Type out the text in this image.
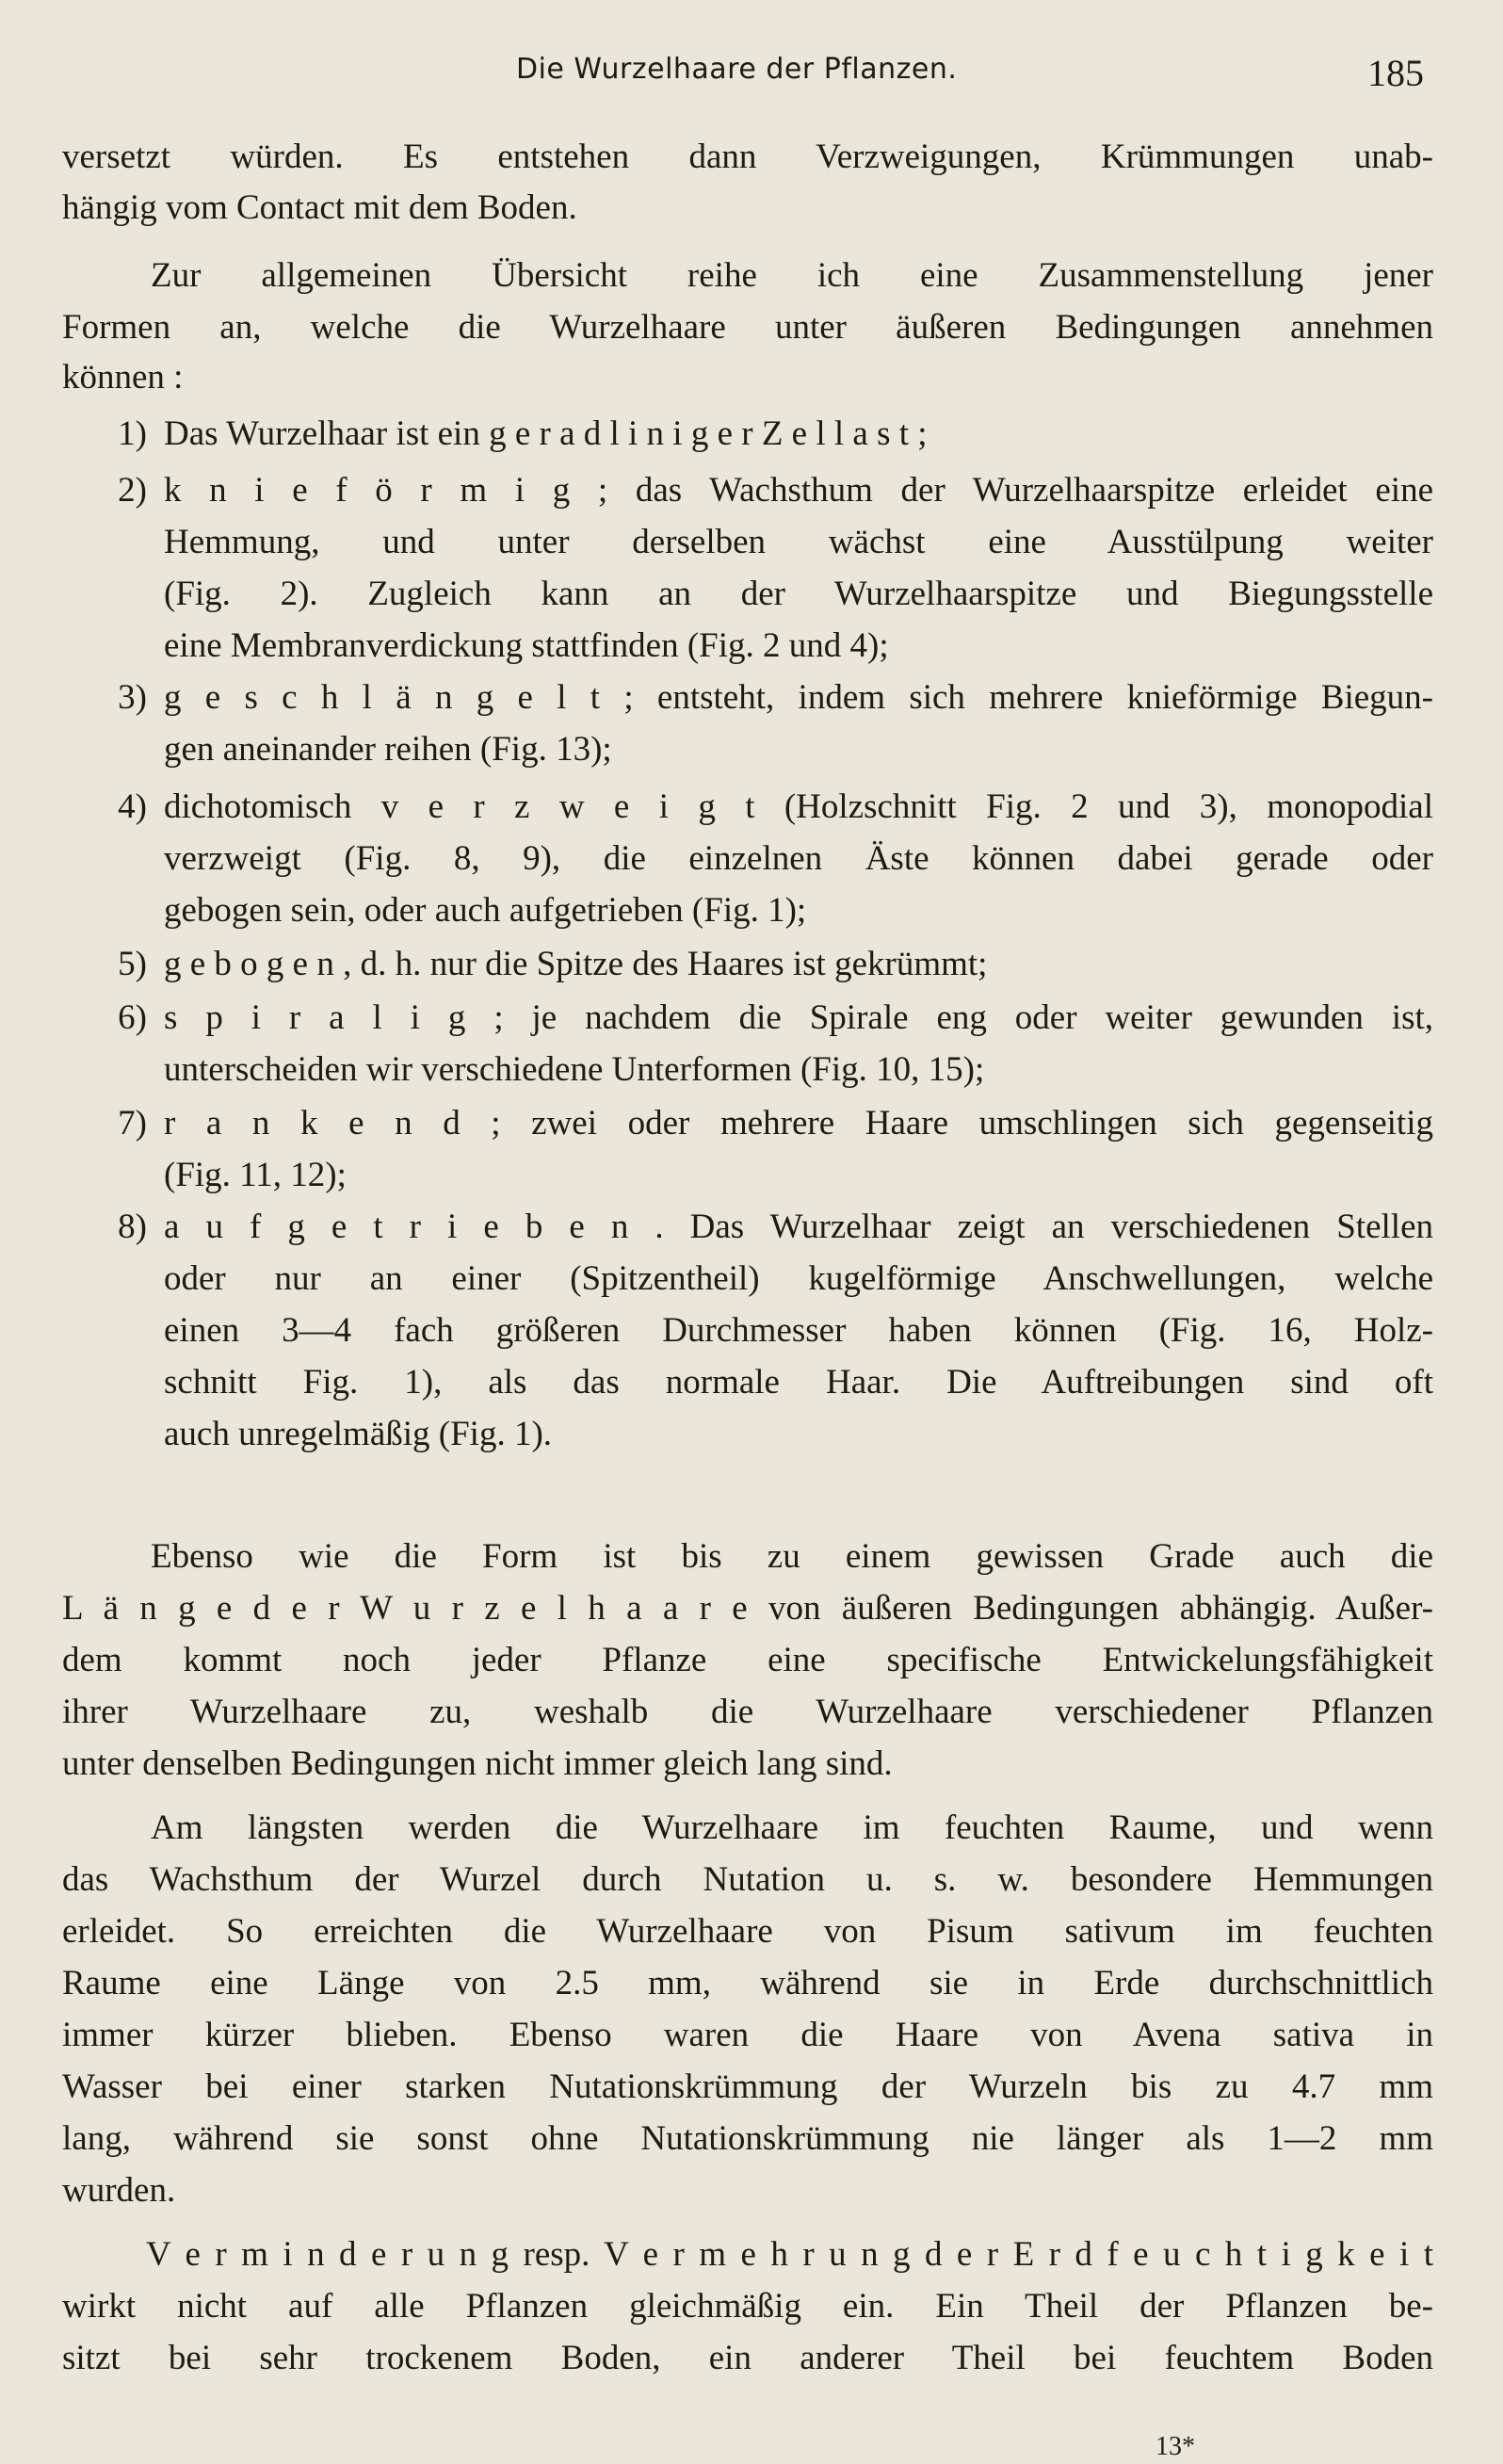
Die Wurzelhaare der Pflanzen.	185
versetzt würden. Es entstehen dann Verzweigungen, Krümmungen unab-
hängig vom Contact mit dem Boden.
Zur allgemeinen Übersicht reihe ich eine Zusammenstellung jener
Formen an, welche die Wurzelhaare unter äußeren Bedingungen annehmen
können :
1) Das Wurzelhaar ist ein g e r a d l i n i g e r Z e l l a s t ;
2) k n i e f ö r m i g ; das Wachsthum der Wurzelhaarspitze erleidet eine
Hemmung, und unter derselben wächst eine Ausstülpung weiter
(Fig. 2). Zugleich kann an der Wurzelhaarspitze und Biegungsstelle
eine Membranverdickung stattfinden (Fig. 2 und 4);
3) g e s c h l ä n g e l t ; entsteht, indem sich mehrere knieförmige Biegun-
gen aneinander reihen (Fig. 13);
4) dichotomisch v e r z w e i g t (Holzschnitt Fig. 2 und 3), monopodial
verzweigt (Fig. 8, 9), die einzelnen Äste können dabei gerade oder
gebogen sein, oder auch aufgetrieben (Fig. 1);
5) g e b o g e n , d. h. nur die Spitze des Haares ist gekrümmt;
6) s p i r a l i g ; je nachdem die Spirale eng oder weiter gewunden ist,
unterscheiden wir verschiedene Unterformen (Fig. 10, 15);
7) r a n k e n d ; zwei oder mehrere Haare umschlingen sich gegenseitig
(Fig. 11, 12);
8) a u f g e t r i e b e n . Das Wurzelhaar zeigt an verschiedenen Stellen
oder nur an einer (Spitzentheil) kugelförmige Anschwellungen, welche
einen 3—4 fach größeren Durchmesser haben können (Fig. 16, Holz-
schnitt Fig. 1), als das normale Haar. Die Auftreibungen sind oft
auch unregelmäßig (Fig. 1).
Ebenso wie die Form ist bis zu einem gewissen Grade auch die
L ä n g e d e r W u r z e l h a a r e von äußeren Bedingungen abhängig. Außer-
dem kommt noch jeder Pflanze eine specifische Entwickelungsfähigkeit
ihrer Wurzelhaare zu, weshalb die Wurzelhaare verschiedener Pflanzen
unter denselben Bedingungen nicht immer gleich lang sind.
Am längsten werden die Wurzelhaare im feuchten Raume, und wenn
das Wachsthum der Wurzel durch Nutation u. s. w. besondere Hemmungen
erleidet. So erreichten die Wurzelhaare von Pisum sativum im feuchten
Raume eine Länge von 2.5 mm, während sie in Erde durchschnittlich
immer kürzer blieben. Ebenso waren die Haare von Avena sativa in
Wasser bei einer starken Nutationskrümmung der Wurzeln bis zu 4.7 mm
lang, während sie sonst ohne Nutationskrümmung nie länger als 1—2 mm
wurden.
V e r m i n d e r u n g resp. V e r m e h r u n g d e r E r d f e u c h t i g k e i t
wirkt nicht auf alle Pflanzen gleichmäßig ein. Ein Theil der Pflanzen be-
sitzt bei sehr trockenem Boden, ein anderer Theil bei feuchtem Boden
13*
